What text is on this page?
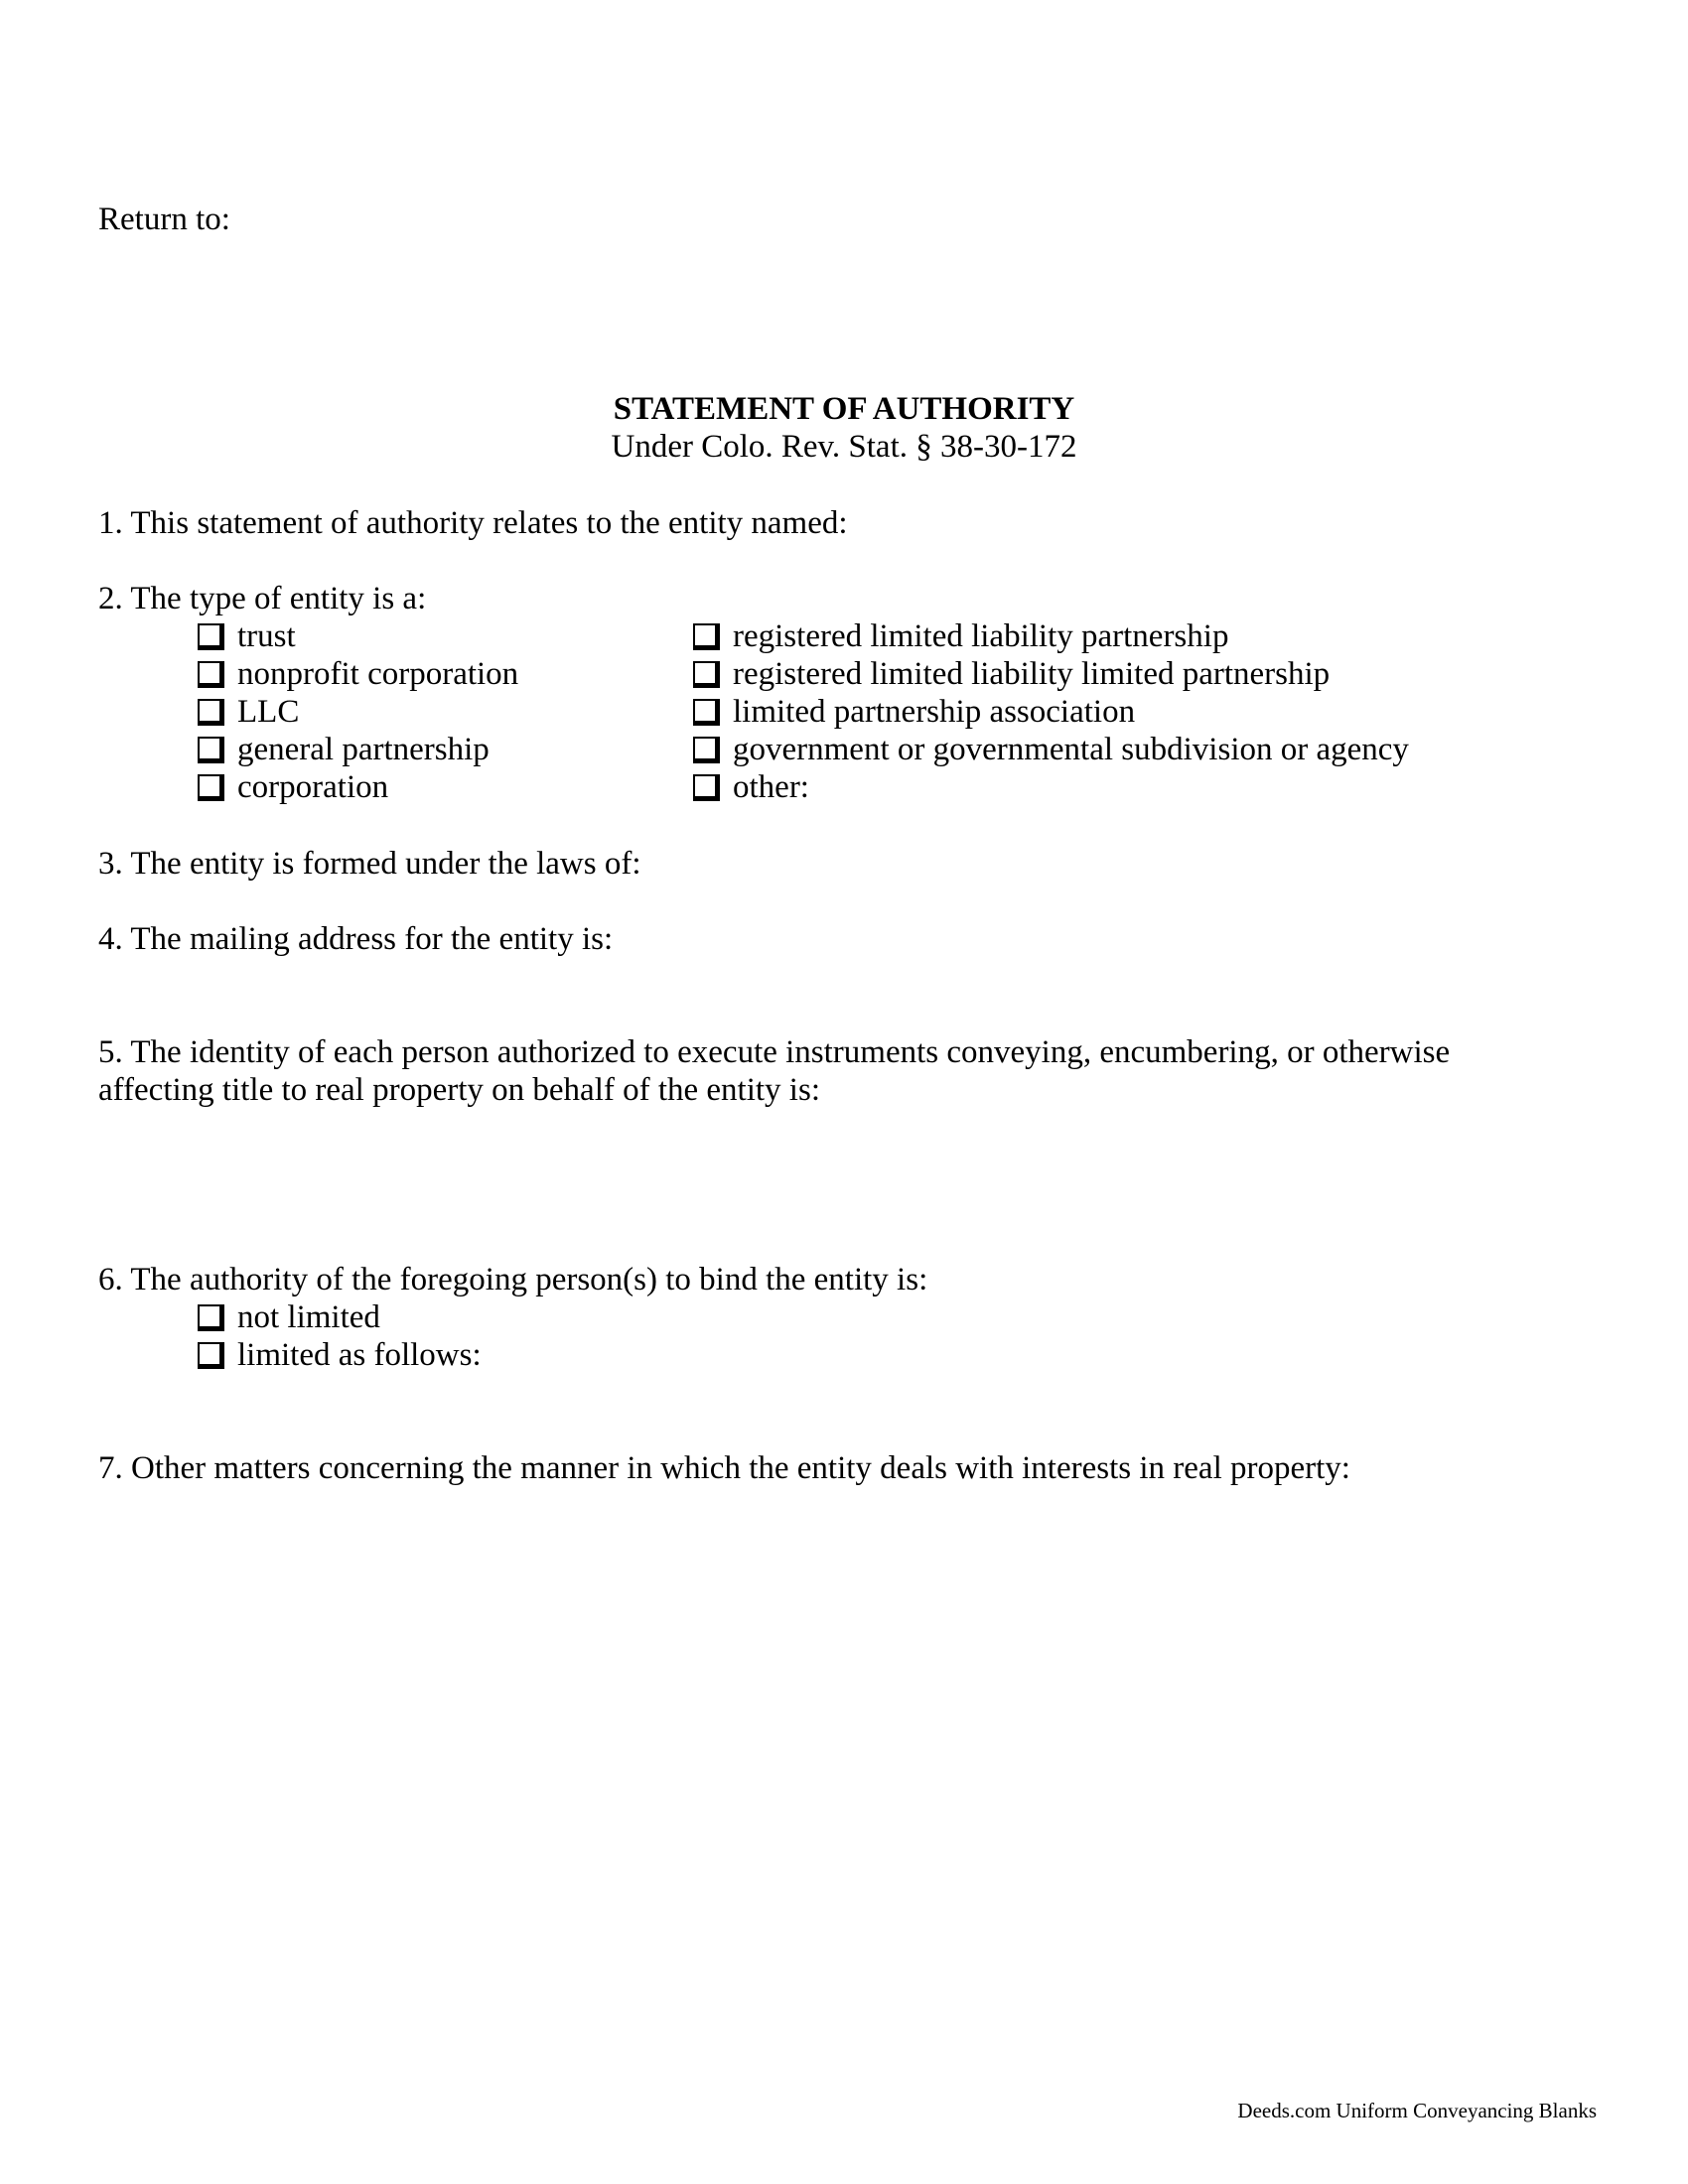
Return to:
STATEMENT OF AUTHORITY
Under Colo. Rev. Stat. § 38-30-172
1. This statement of authority relates to the entity named:
2. The type of entity is a:
trust
nonprofit corporation
LLC
general partnership
corporation
registered limited liability partnership
registered limited liability limited partnership
limited partnership association
government or governmental subdivision or agency
other:
3. The entity is formed under the laws of:
4. The mailing address for the entity is:
5. The identity of each person authorized to execute instruments conveying, encumbering, or otherwise
affecting title to real property on behalf of the entity is:
6. The authority of the foregoing person(s) to bind the entity is:
not limited
limited as follows:
7. Other matters concerning the manner in which the entity deals with interests in real property:
Deeds.com Uniform Conveyancing Blanks
